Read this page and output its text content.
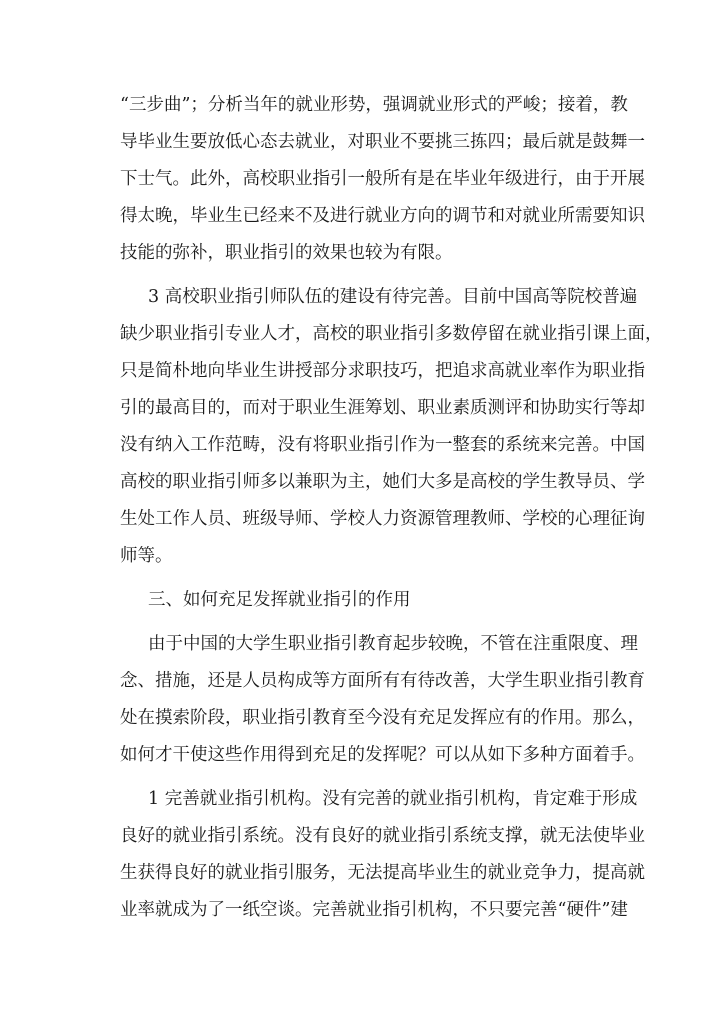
“三步曲”；分析当年的就业形势，强调就业形式的严峻；接着，教
导毕业生要放低心态去就业，对职业不要挑三拣四；最后就是鼓舞一
下士气。此外，高校职业指引一般所有是在毕业年级进行，由于开展
得太晚，毕业生已经来不及进行就业方向的调节和对就业所需要知识
技能的弥补，职业指引的效果也较为有限。
3 高校职业指引师队伍的建设有待完善。目前中国高等院校普遍
缺少职业指引专业人才，高校的职业指引多数停留在就业指引课上面，
只是简朴地向毕业生讲授部分求职技巧，把追求高就业率作为职业指
引的最高目的，而对于职业生涯筹划、职业素质测评和协助实行等却
没有纳入工作范畴，没有将职业指引作为一整套的系统来完善。中国
高校的职业指引师多以兼职为主，她们大多是高校的学生教导员、学
生处工作人员、班级导师、学校人力资源管理教师、学校的心理征询
师等。
三、如何充足发挥就业指引的作用
由于中国的大学生职业指引教育起步较晚，不管在注重限度、理
念、措施，还是人员构成等方面所有有待改善，大学生职业指引教育
处在摸索阶段，职业指引教育至今没有充足发挥应有的作用。那么，
如何才干使这些作用得到充足的发挥呢？可以从如下多种方面着手。
1 完善就业指引机构。没有完善的就业指引机构，肯定难于形成
良好的就业指引系统。没有良好的就业指引系统支撑，就无法使毕业
生获得良好的就业指引服务，无法提高毕业生的就业竞争力，提高就
业率就成为了一纸空谈。完善就业指引机构，不只要完善“硬件”建
